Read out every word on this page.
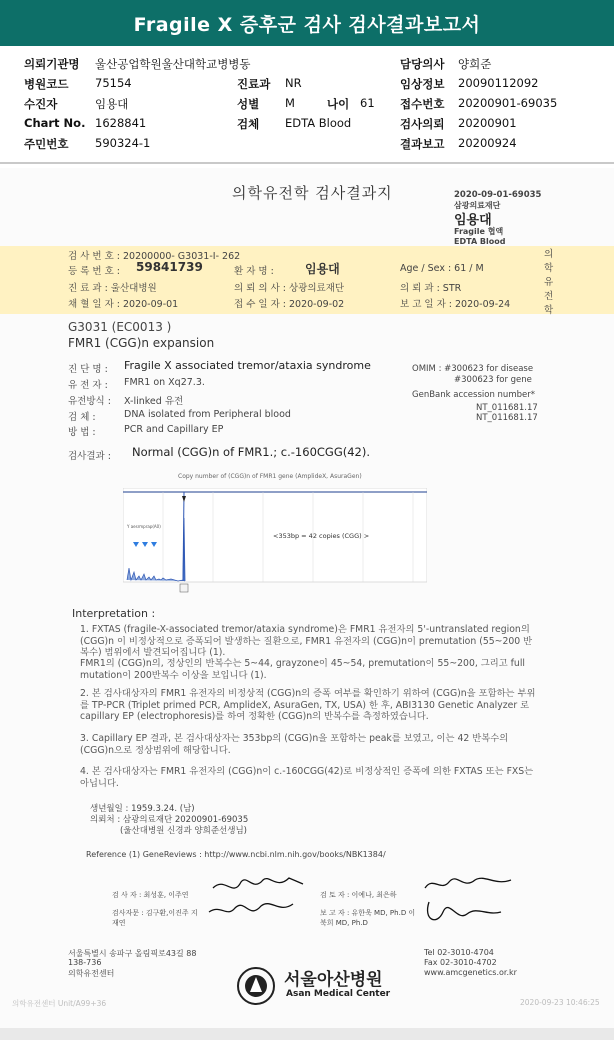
Fragile X 증후군 검사 검사결과보고서
의뢰기관명 울산공업학원울산대학교병병동	담당의사 양희준
병원코드 75154	진료과 NR	임상정보 20090112092
수진자	임용대	성별 M	나이 61 접수번호 20200901-69035
Chart No. 1628841	검체 EDTA Blood	검사의뢰 20200901
주민번호 590324-1	결과보고 20200924
의학유전학 검사결과지	2020-09-01-69035
삼광의료재단
임용대
Fragile 협액
EDTA Blood
검 사 번 호 : 20200000- G3031-I- 262
등 록 번 호 : 59841739	환 자 명 :	임용대	Age / Sex : 61 / M
진 료 과 : 울산대병원	의 뢰 의 사 : 상광의료재단	의 뢰 과 : STR
채 혈 일 자 : 2020-09-01	접 수 일 자 : 2020-09-02	보 고 일 자 : 2020-09-24
의학유전학
G3031 (EC0013 )
FMR1 (CGG)n expansion
진 단 명 : Fragile X associated tremor/ataxia syndrome
유 전 자 : FMR1 on Xq27.3.
유전방식 : X-linked 유전
검 체 :	DNA isolated from Peripheral blood
방 법 :	PCR and Capillary EP
OMIM : #300623 for disease
#300623 for gene
GenBank accession number*
NT_011681.17
NT_011681.17
검사결과 : Normal (CGG)n of FMR1.; c.-160CGG(42).
Copy number of (CGG)n of FMR1 gene (AmplideX, AsuraGen)
Y aesrmprap(A0)
<353bp = 42 copies (CGG) >
Interpretation :
1. FXTAS (fragile-X-associated tremor/ataxia syndrome)은 FMR1 유전자의 5'-untranslated region의 (CGG)n 이 비정상적으로 증폭되어 발생하는 질환으로, FMR1 유전자의 (CGG)n이 premutation (55~200 반복수) 범위에서 발견되어집니다 (1).
FMR1의 (CGG)n의, 정상인의 반복수는 5~44, grayzone이 45~54, premutation이 55~200, 그리고 full mutation이 200반복수 이상을 보입니다 (1).
2. 본 검사대상자의 FMR1 유전자의 비정상적 (CGG)n의 증폭 여부를 확인하기 위하여 (CGG)n을 포함하는 부위를 TP-PCR (Triplet primed PCR, AmplideX, AsuraGen, TX, USA) 한 후, ABI3130 Genetic Analyzer 로 capillary EP (electrophoresis)를 하여 정확한 (CGG)n의 반복수를 측정하였습니다.
3. Capillary EP 결과, 본 검사대상자는 353bp의 (CGG)n을 포함하는 peak를 보였고, 이는 42 반복수의 (CGG)n으로 정상범위에 해당합니다.
4. 본 검사대상자는 FMR1 유전자의 (CGG)n이 c.-160CGG(42)로 비정상적인 증폭에 의한 FXTAS 또는 FXS는 아닙니다.
생년월일 : 1959.3.24. (남)
의뢰처 : 삼광의료재단 20200901-69035
(울산대병원 신경과 양희준선생님)
Reference (1) GeneReviews : http://www.ncbi.nlm.nih.gov/books/NBK1384/
검 사 자 : 최성훈, 이주연
검사자문 : 김구환,이진주 지재연
검 토 자 : 이예나, 최은하
보 고 자 : 유한욱 MD, Ph.D 이북희 MD, Ph.D
서울특별시 송파구 올림픽로43길 88
138-736
의학유전센터	서울아산병원
Asan Medical Center
Tel 02-3010-4704
Fax 02-3010-4702
www.amcgenetics.or.kr
의학유전센터 Unit/A99+36	2020-09-23 10:46:25
